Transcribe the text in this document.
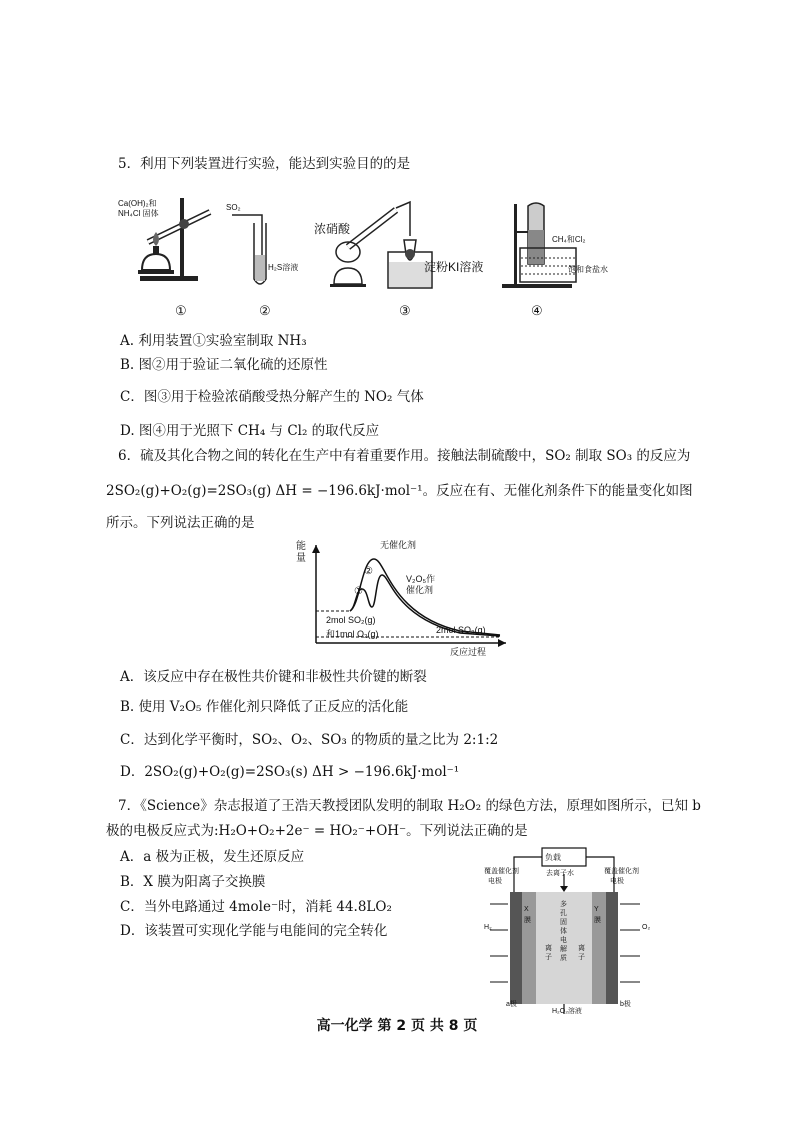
5．利用下列装置进行实验，能达到实验目的的是
Ca(OH)₂和
NH₄Cl 固体
①
SO₂
H₂S溶液
②
浓硝酸
淀粉KI溶液
③
CH₄和Cl₂
饱和食盐水
④
A. 利用装置①实验室制取 NH₃
B. 图②用于验证二氧化硫的还原性
C．图③用于检验浓硝酸受热分解产生的 NO₂ 气体
D. 图④用于光照下 CH₄ 与 Cl₂ 的取代反应
6．硫及其化合物之间的转化在生产中有着重要作用。接触法制硫酸中，SO₂ 制取 SO₃ 的反应为
2SO₂(g)+O₂(g)=2SO₃(g) ΔH = −196.6kJ·mol⁻¹。反应在有、无催化剂条件下的能量变化如图
所示。下列说法正确的是
能量
无催化剂
②
①
V₂O₅作催化剂
2mol SO₂(g)
和1mol O₂(g)	2mol SO₃(g)
反应过程
A．该反应中存在极性共价键和非极性共价键的断裂
B. 使用 V₂O₅ 作催化剂只降低了正反应的活化能
C．达到化学平衡时，SO₂、O₂、SO₃ 的物质的量之比为 2:1:2
D．2SO₂(g)+O₂(g)=2SO₃(s) ΔH > −196.6kJ·mol⁻¹
7．《Science》杂志报道了王浩天教授团队发明的制取 H₂O₂ 的绿色方法，原理如图所示，已知 b
极的电极反应式为:H₂O+O₂+2e⁻ = HO₂⁻+OH⁻。下列说法正确的是
A．a 极为正极，发生还原反应
B．X 膜为阳离子交换膜
C．当外电路通过 4mole⁻时，消耗 44.8LO₂
D．该装置可实现化学能与电能间的完全转化
负载
去离子水
覆盖催化剂
电极
覆盖催化剂
电极
X
膜
Y
膜
多
孔
固
体
电
解
质
离
子
离
子
H₂	O₂
a极	b极
H₂O₂溶液
高一化学 第 2 页 共 8 页
